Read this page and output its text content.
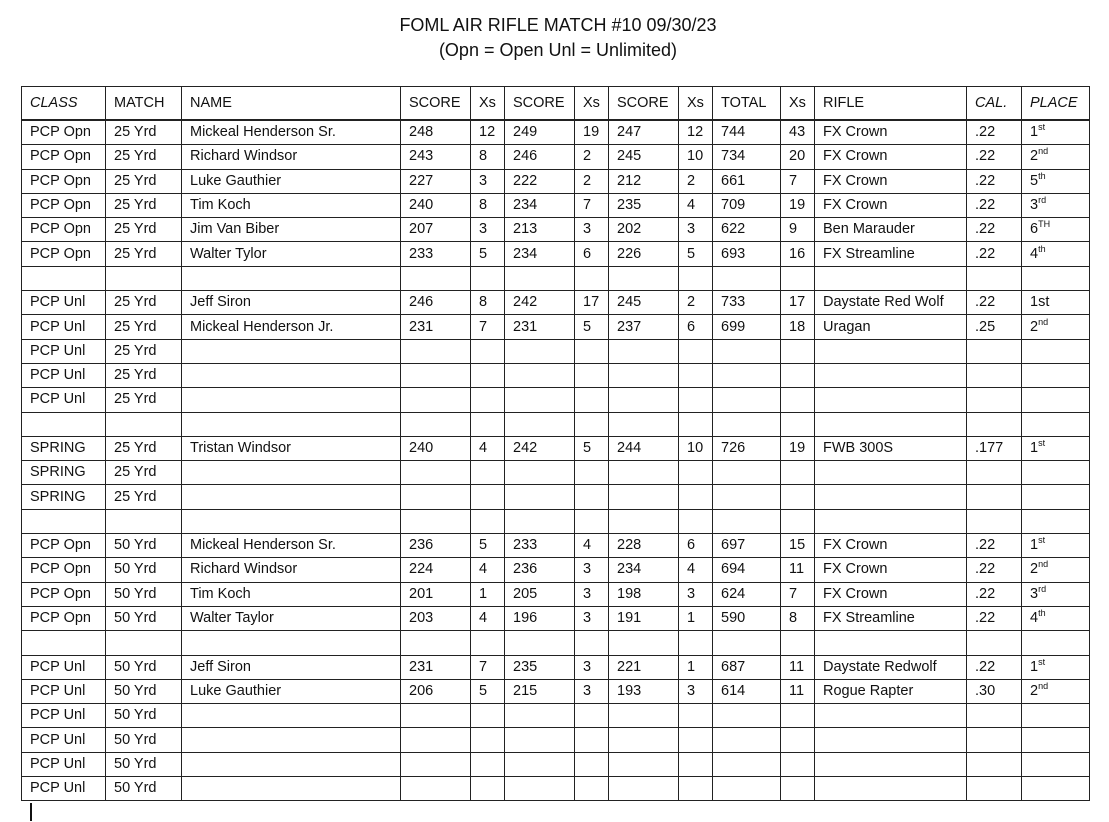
FOML AIR RIFLE MATCH #10 09/30/23
(Opn = Open Unl = Unlimited)
CLASS	MATCH	NAME	SCORE	Xs	SCORE	Xs	SCORE	Xs	TOTAL	Xs	RIFLE	CAL.	PLACE
PCP Opn	25 Yrd	Mickeal Henderson Sr.	248	12	249	19	247	12	744	43	FX Crown	.22	1st
PCP Opn	25 Yrd	Richard Windsor	243	8	246	2	245	10	734	20	FX Crown	.22	2nd
PCP Opn	25 Yrd	Luke Gauthier	227	3	222	2	212	2	661	7	FX Crown	.22	5th
PCP Opn	25 Yrd	Tim Koch	240	8	234	7	235	4	709	19	FX Crown	.22	3rd
PCP Opn	25 Yrd	Jim Van Biber	207	3	213	3	202	3	622	9	Ben Marauder	.22	6TH
PCP Opn	25 Yrd	Walter Tylor	233	5	234	6	226	5	693	16	FX Streamline	.22	4th

PCP Unl	25 Yrd	Jeff Siron	246	8	242	17	245	2	733	17	Daystate Red Wolf	.22	1st
PCP Unl	25 Yrd	Mickeal Henderson Jr.	231	7	231	5	237	6	699	18	Uragan	.25	2nd
PCP Unl	25 Yrd												
PCP Unl	25 Yrd												
PCP Unl	25 Yrd												

SPRING	25 Yrd	Tristan Windsor	240	4	242	5	244	10	726	19	FWB 300S	.177	1st
SPRING	25 Yrd												
SPRING	25 Yrd												

PCP Opn	50 Yrd	Mickeal Henderson Sr.	236	5	233	4	228	6	697	15	FX Crown	.22	1st
PCP Opn	50 Yrd	Richard Windsor	224	4	236	3	234	4	694	11	FX Crown	.22	2nd
PCP Opn	50 Yrd	Tim Koch	201	1	205	3	198	3	624	7	FX Crown	.22	3rd
PCP Opn	50 Yrd	Walter Taylor	203	4	196	3	191	1	590	8	FX Streamline	.22	4th

PCP Unl	50 Yrd	Jeff Siron	231	7	235	3	221	1	687	11	Daystate Redwolf	.22	1st
PCP Unl	50 Yrd	Luke Gauthier	206	5	215	3	193	3	614	11	Rogue Rapter	.30	2nd
PCP Unl	50 Yrd												
PCP Unl	50 Yrd												
PCP Unl	50 Yrd												
PCP Unl	50 Yrd												
